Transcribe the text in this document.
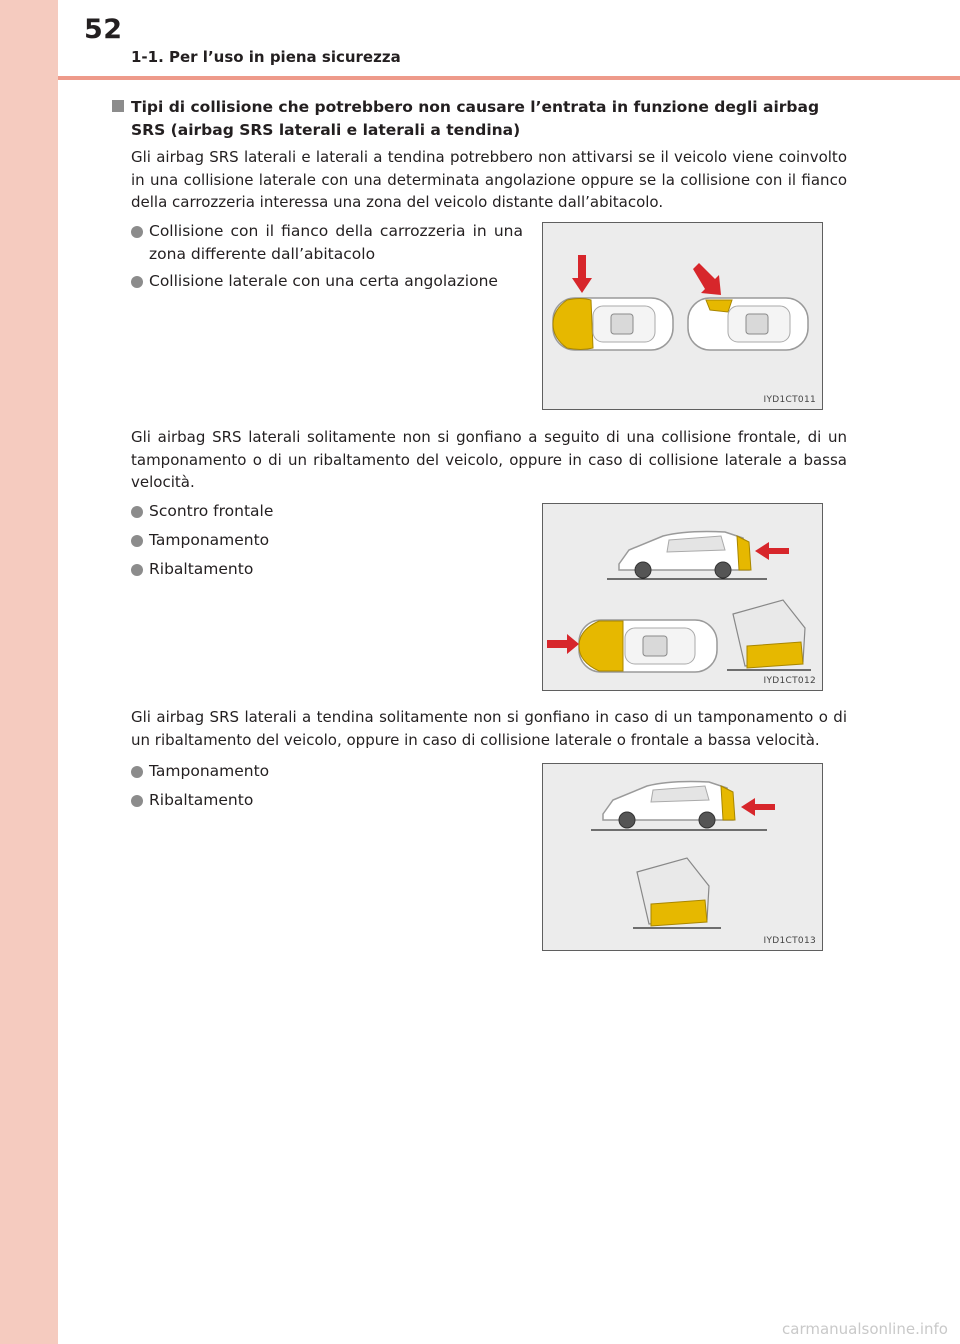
52
1-1. Per l’uso in piena sicurezza
Tipi di collisione che potrebbero non causare l’entrata in funzione degli airbag SRS (airbag SRS laterali e laterali a tendina)
Gli airbag SRS laterali e laterali a tendina potrebbero non attivarsi se il veicolo viene coinvolto in una collisione laterale con una determinata angolazione oppure se la collisione con il fianco della carrozzeria interessa una zona del veicolo distante dall’abitacolo.
Collisione con il fianco della carrozzeria in una zona differente dall’abitacolo
Collisione laterale con una certa angolazione
IYD1CT011
Gli airbag SRS laterali solitamente non si gonfiano a seguito di una collisione frontale, di un tamponamento o di un ribaltamento del veicolo, oppure in caso di collisione laterale a bassa velocità.
Scontro frontale
Tamponamento
Ribaltamento
IYD1CT012
Gli airbag SRS laterali a tendina solitamente non si gonfiano in caso di un tamponamento o di un ribaltamento del veicolo, oppure in caso di collisione laterale o frontale a bassa velocità.
Tamponamento
Ribaltamento
IYD1CT013
carmanualsonline.info
